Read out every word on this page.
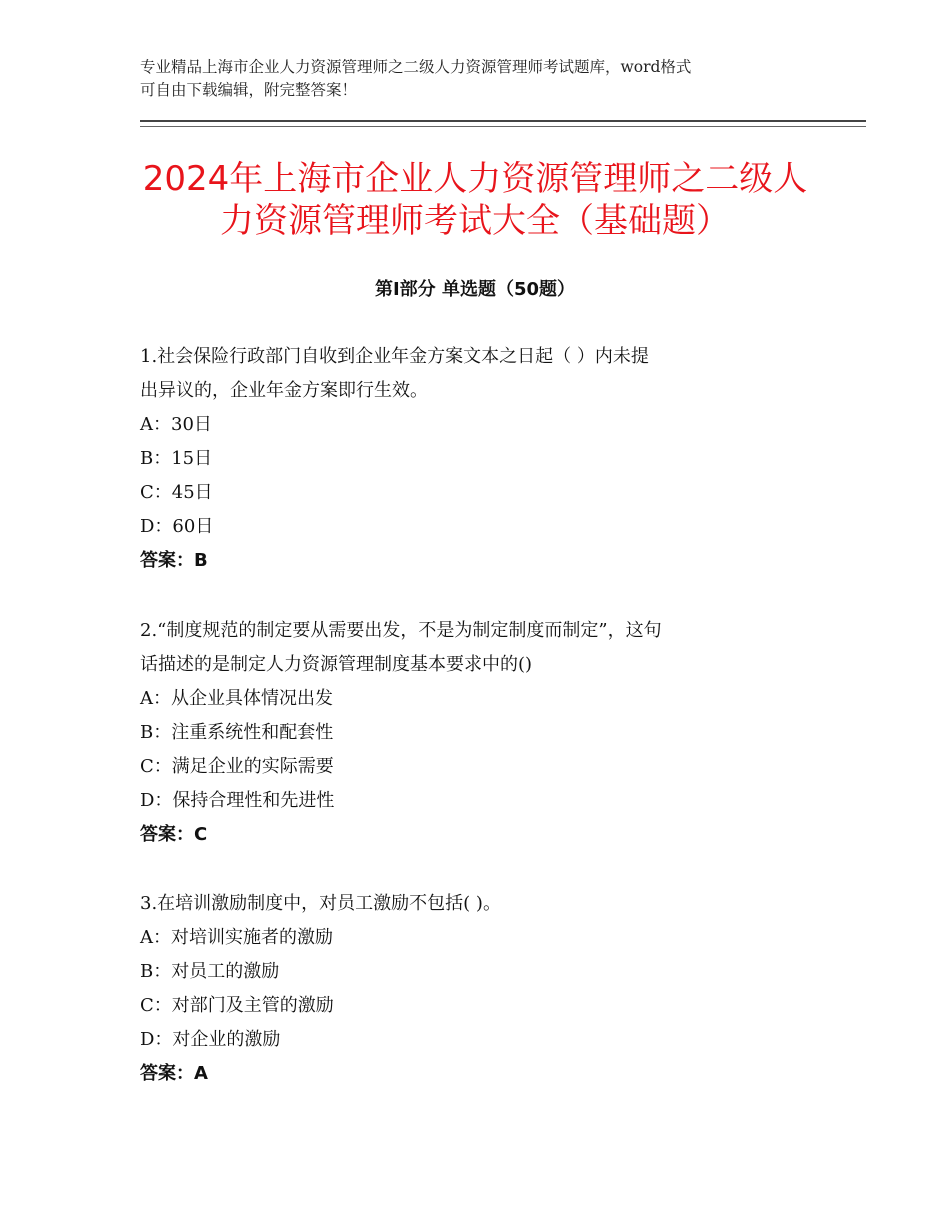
专业精品上海市企业人力资源管理师之二级人力资源管理师考试题库，word格式
可自由下载编辑，附完整答案！
2024年上海市企业人力资源管理师之二级人
力资源管理师考试大全（基础题）
第Ⅰ部分 单选题（50题）
1.社会保险行政部门自收到企业年金方案文本之日起（ ）内未提
出异议的，企业年金方案即行生效。
A：30日
B：15日
C：45日
D：60日
答案：B
2.“制度规范的制定要从需要出发，不是为制定制度而制定”，这句
话描述的是制定人力资源管理制度基本要求中的()
A：从企业具体情况出发
B：注重系统性和配套性
C：满足企业的实际需要
D：保持合理性和先进性
答案：C
3.在培训激励制度中，对员工激励不包括( )。
A：对培训实施者的激励
B：对员工的激励
C：对部门及主管的激励
D：对企业的激励
答案：A
